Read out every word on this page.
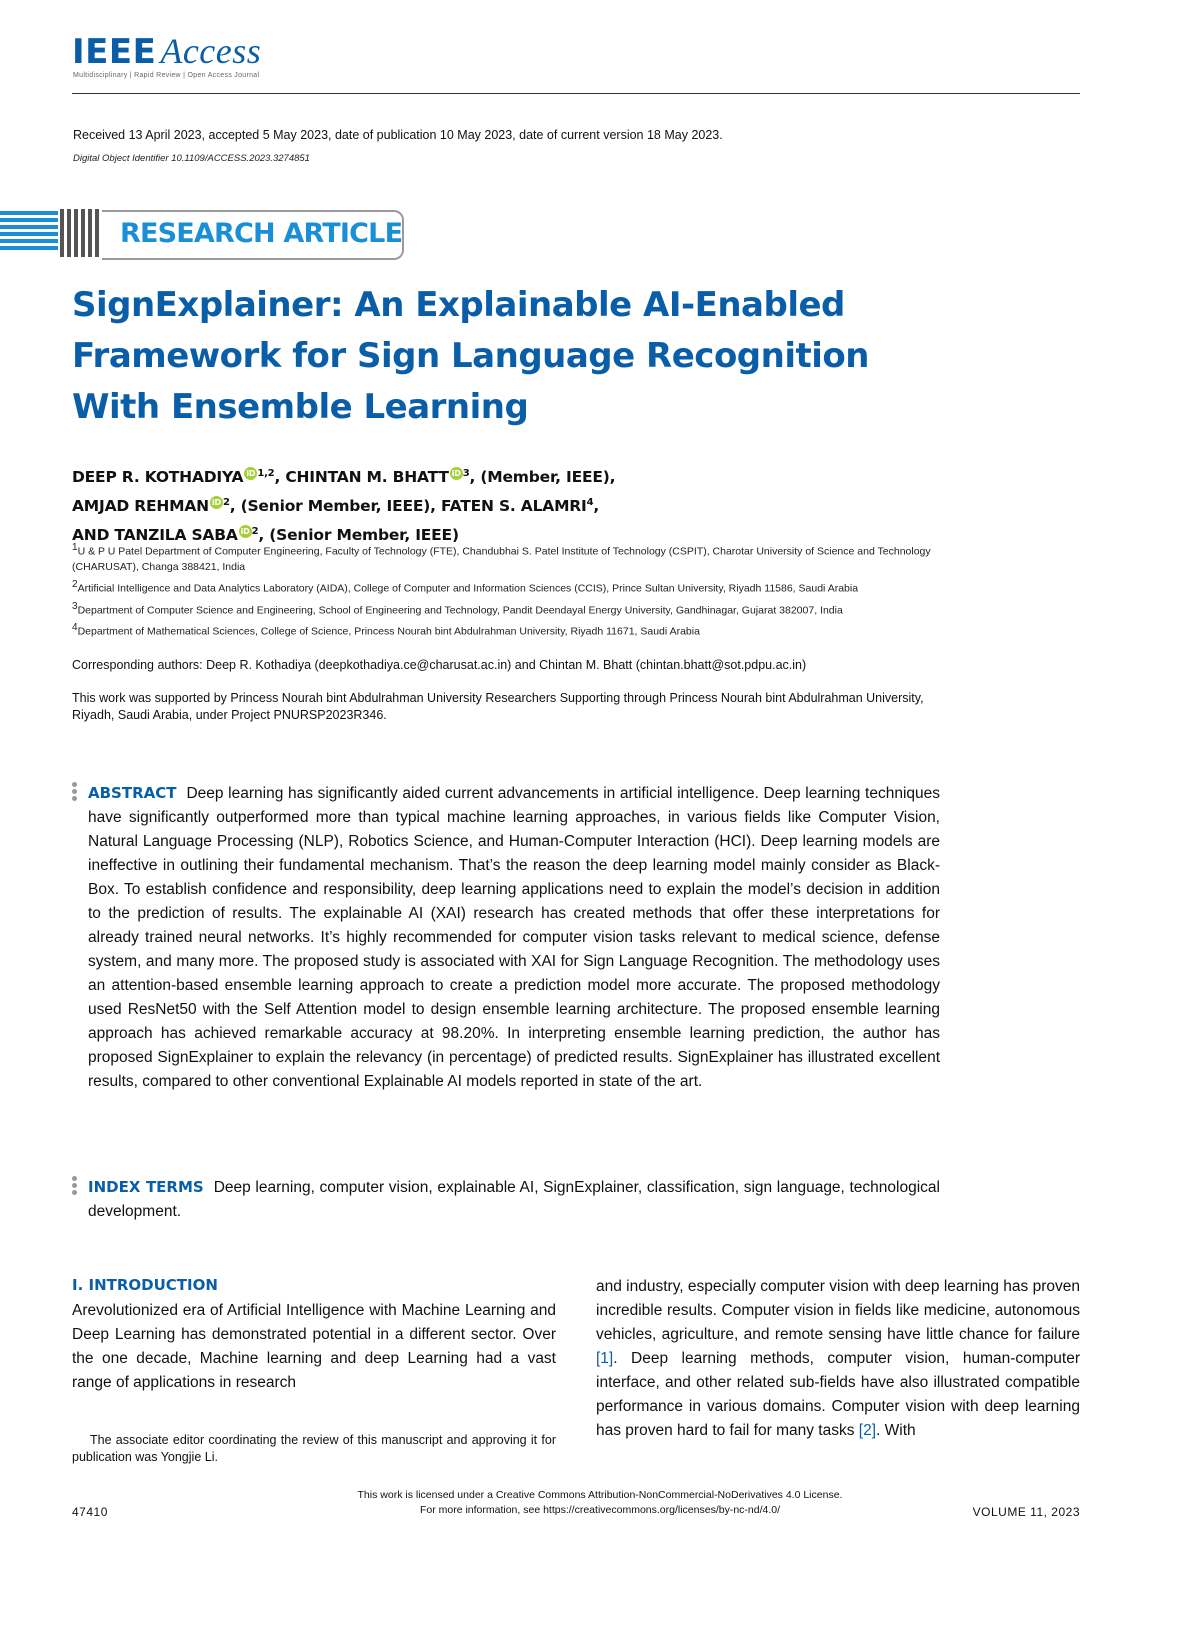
IEEE Access
Multidisciplinary | Rapid Review | Open Access Journal
Received 13 April 2023, accepted 5 May 2023, date of publication 10 May 2023, date of current version 18 May 2023.
Digital Object Identifier 10.1109/ACCESS.2023.3274851
RESEARCH ARTICLE
SignExplainer: An Explainable AI-Enabled
Framework for Sign Language Recognition
With Ensemble Learning
DEEP R. KOTHADIYA iD $^{1,2}$, CHINTAN M. BHATT iD $^3$, (Member, IEEE),
AMJAD REHMAN iD $^2$, (Senior Member, IEEE), FATEN S. ALAMRI$^4$,
AND TANZILA SABA iD $^2$, (Senior Member, IEEE)

$^1$U & P U Patel Department of Computer Engineering, Faculty of Technology (FTE), Chandubhai S. Patel Institute of Technology (CSPIT), Charotar University of Science and Technology (CHARUSAT), Changa 388421, India

$^2$Artificial Intelligence and Data Analytics Laboratory (AIDA), College of Computer and Information Sciences (CCIS), Prince Sultan University, Riyadh 11586, Saudi Arabia

$^3$Department of Computer Science and Engineering, School of Engineering and Technology, Pandit Deendayal Energy University, Gandhinagar, Gujarat 382007, India

$^4$Department of Mathematical Sciences, College of Science, Princess Nourah bint Abdulrahman University, Riyadh 11671, Saudi Arabia

Corresponding authors: Deep R. Kothadiya (deepkothadiya.ce@charusat.ac.in) and Chintan M. Bhatt (chintan.bhatt@sot.pdpu.ac.in)
This work was supported by Princess Nourah bint Abdulrahman University Researchers Supporting through Princess Nourah bint Abdulrahman University, Riyadh, Saudi Arabia, under Project PNURSP2023R346.
ABSTRACT Deep learning has significantly aided current advancements in artificial intelligence. Deep learning techniques have significantly outperformed more than typical machine learning approaches, in various fields like Computer Vision, Natural Language Processing (NLP), Robotics Science, and Human-Computer Interaction (HCI). Deep learning models are ineffective in outlining their fundamental mechanism. That’s the reason the deep learning model mainly consider as Black-Box. To establish confidence and responsibility, deep learning applications need to explain the model’s decision in addition to the prediction of results. The explainable AI (XAI) research has created methods that offer these interpretations for already trained neural networks. It’s highly recommended for computer vision tasks relevant to medical science, defense system, and many more. The proposed study is associated with XAI for Sign Language Recognition. The methodology uses an attention-based ensemble learning approach to create a prediction model more accurate. The proposed methodology used ResNet50 with the Self Attention model to design ensemble learning architecture. The proposed ensemble learning approach has achieved remarkable accuracy at 98.20%. In interpreting ensemble learning prediction, the author has proposed SignExplainer to explain the relevancy (in percentage) of predicted results. SignExplainer has illustrated excellent results, compared to other conventional Explainable AI models reported in state of the art.
INDEX TERMS Deep learning, computer vision, explainable AI, SignExplainer, classification, sign language, technological development.
I. INTRODUCTION
Arevolutionized era of Artificial Intelligence with Machine Learning and Deep Learning has demonstrated potential in a different sector. Over the one decade, Machine learning and deep Learning had a vast range of applications in research
and industry, especially computer vision with deep learning has proven incredible results. Computer vision in fields like medicine, autonomous vehicles, agriculture, and remote sensing have little chance for failure [1]. Deep learning methods, computer vision, human-computer interface, and other related sub-fields have also illustrated compatible performance in various domains. Computer vision with deep learning has proven hard to fail for many tasks [2]. With
The associate editor coordinating the review of this manuscript and approving it for publication was Yongjie Li.
This work is licensed under a Creative Commons Attribution-NonCommercial-NoDerivatives 4.0 License.
For more information, see https://creativecommons.org/licenses/by-nc-nd/4.0/
47410	VOLUME 11, 2023
